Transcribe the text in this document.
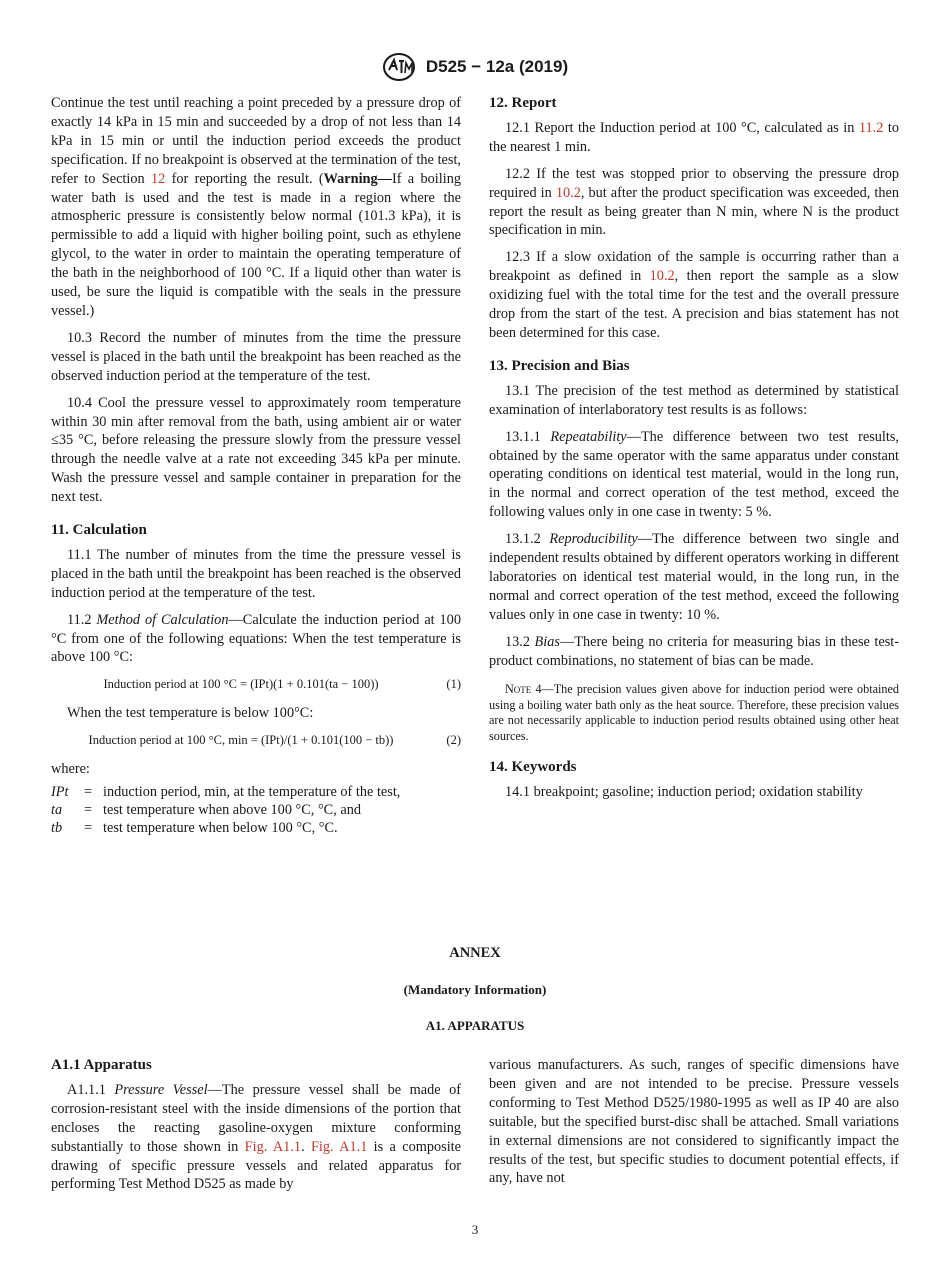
D525 − 12a (2019)

Continue the test until reaching a point preceded by a pressure drop of exactly 14 kPa in 15 min and succeeded by a drop of not less than 14 kPa in 15 min or until the induction period exceeds the product specification. If no breakpoint is observed at the termination of the test, refer to Section 12 for reporting the result. (Warning—If a boiling water bath is used and the test is made in a region where the atmospheric pressure is consistently below normal (101.3 kPa), it is permissible to add a liquid with higher boiling point, such as ethylene glycol, to the water in order to maintain the operating temperature of the bath in the neighborhood of 100 °C. If a liquid other than water is used, be sure the liquid is compatible with the seals in the pressure vessel.)

10.3 Record the number of minutes from the time the pressure vessel is placed in the bath until the breakpoint has been reached as the observed induction period at the temperature of the test.

10.4 Cool the pressure vessel to approximately room temperature within 30 min after removal from the bath, using ambient air or water ≤35 °C, before releasing the pressure slowly from the pressure vessel through the needle valve at a rate not exceeding 345 kPa per minute. Wash the pressure vessel and sample container in preparation for the next test.

11. Calculation

11.1 The number of minutes from the time the pressure vessel is placed in the bath until the breakpoint has been reached is the observed induction period at the temperature of the test.

11.2 Method of Calculation—Calculate the induction period at 100 °C from one of the following equations: When the test temperature is above 100 °C:

Induction period at 100 °C = (IPt)(1 + 0.101(ta − 100))	(1)

When the test temperature is below 100°C:

Induction period at 100 °C, min = (IPt)/(1 + 0.101(100 − tb))	(2)

where:

IPt	=	induction period, min, at the temperature of the test,
ta	=	test temperature when above 100 °C, °C, and
tb	=	test temperature when below 100 °C, °C.
12. Report

12.1 Report the Induction period at 100 °C, calculated as in 11.2 to the nearest 1 min.

12.2 If the test was stopped prior to observing the pressure drop required in 10.2, but after the product specification was exceeded, then report the result as being greater than N min, where N is the product specification in min.

12.3 If a slow oxidation of the sample is occurring rather than a breakpoint as defined in 10.2, then report the sample as a slow oxidizing fuel with the total time for the test and the overall pressure drop from the start of the test. A precision and bias statement has not been determined for this case.

13. Precision and Bias

13.1 The precision of the test method as determined by statistical examination of interlaboratory test results is as follows:

13.1.1 Repeatability—The difference between two test results, obtained by the same operator with the same apparatus under constant operating conditions on identical test material, would in the long run, in the normal and correct operation of the test method, exceed the following values only in one case in twenty: 5 %.

13.1.2 Reproducibility—The difference between two single and independent results obtained by different operators working in different laboratories on identical test material would, in the long run, in the normal and correct operation of the test method, exceed the following values only in one case in twenty: 10 %.

13.2 Bias—There being no criteria for measuring bias in these test-product combinations, no statement of bias can be made.

Note 4—The precision values given above for induction period were obtained using a boiling water bath only as the heat source. Therefore, these precision values are not necessarily applicable to induction period results obtained using other heat sources.

14. Keywords

14.1 breakpoint; gasoline; induction period; oxidation stability

ANNEX
(Mandatory Information)
A1. APPARATUS
A1.1 Apparatus

A1.1.1 Pressure Vessel—The pressure vessel shall be made of corrosion-resistant steel with the inside dimensions of the portion that encloses the reacting gasoline-oxygen mixture conforming substantially to those shown in Fig. A1.1. Fig. A1.1 is a composite drawing of specific pressure vessels and related apparatus for performing Test Method D525 as made by

various manufacturers. As such, ranges of specific dimensions have been given and are not intended to be precise. Pressure vessels conforming to Test Method D525/1980-1995 as well as IP 40 are also suitable, but the specified burst-disc shall be attached. Small variations in external dimensions are not considered to significantly impact the results of the test, but specific studies to document potential effects, if any, have not

3
